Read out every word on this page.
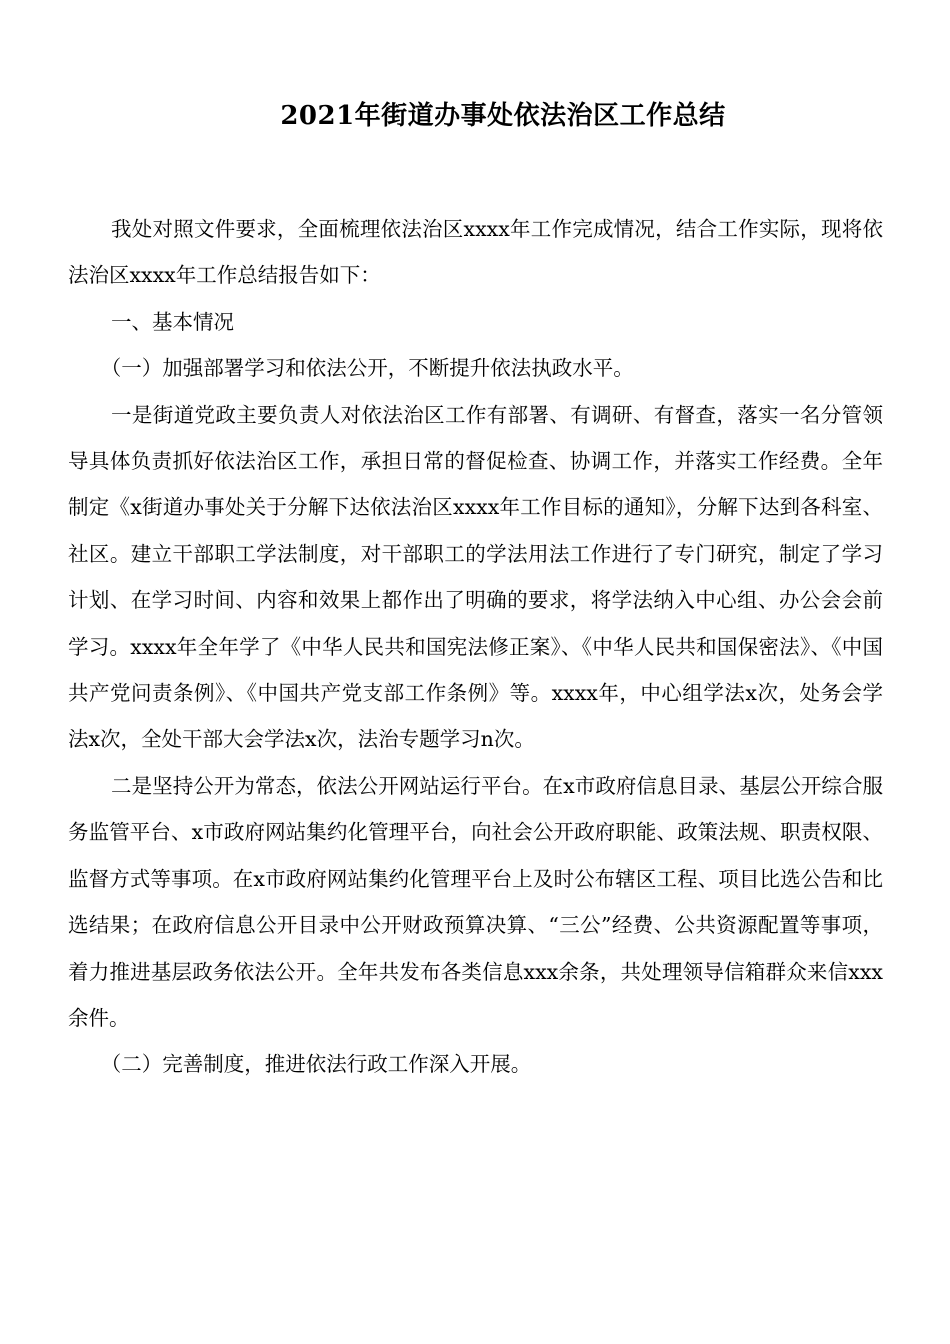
2021年街道办事处依法治区工作总结

我处对照文件要求，全面梳理依法治区xxxx年工作完成情况，结合工作实际，现将依法治区xxxx年工作总结报告如下：

一、基本情况

（一）加强部署学习和依法公开，不断提升依法执政水平。

一是街道党政主要负责人对依法治区工作有部署、有调研、有督查，落实一名分管领导具体负责抓好依法治区工作，承担日常的督促检查、协调工作，并落实工作经费。全年制定《x街道办事处关于分解下达依法治区xxxx年工作目标的通知》，分解下达到各科室、社区。建立干部职工学法制度，对干部职工的学法用法工作进行了专门研究，制定了学习计划、在学习时间、内容和效果上都作出了明确的要求，将学法纳入中心组、办公会会前学习。xxxx年全年学了《中华人民共和国宪法修正案》、《中华人民共和国保密法》、《中国共产党问责条例》、《中国共产党支部工作条例》等。xxxx年，中心组学法x次，处务会学法x次，全处干部大会学法x次，法治专题学习n次。

二是坚持公开为常态，依法公开网站运行平台。在x市政府信息目录、基层公开综合服务监管平台、x市政府网站集约化管理平台，向社会公开政府职能、政策法规、职责权限、监督方式等事项。在x市政府网站集约化管理平台上及时公布辖区工程、项目比选公告和比选结果；在政府信息公开目录中公开财政预算决算、“三公”经费、公共资源配置等事项，着力推进基层政务依法公开。全年共发布各类信息xxx余条，共处理领导信箱群众来信xxx余件。

（二）完善制度，推进依法行政工作深入开展。
